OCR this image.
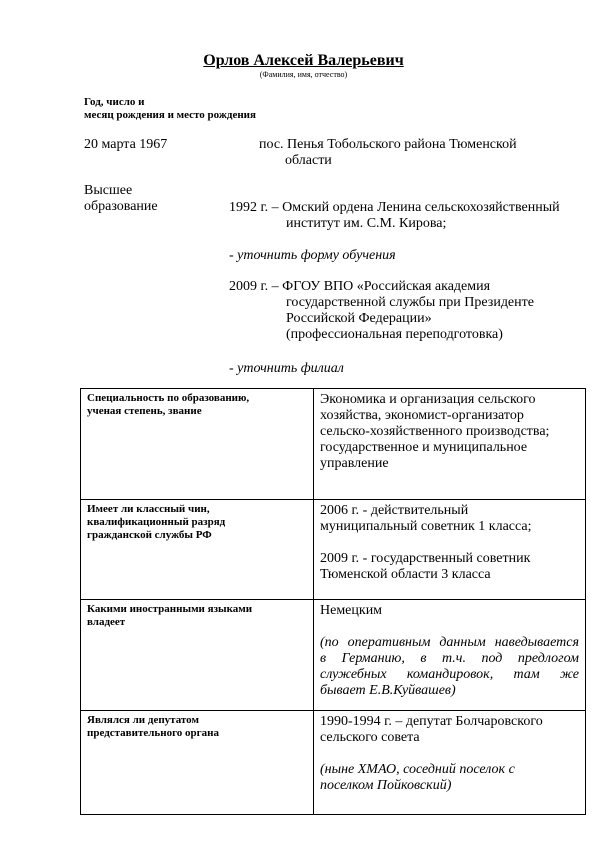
Орлов Алексей Валерьевич
(Фамилия, имя, отчество)
Год, число и
месяц рождения и место рождения
20 марта 1967	пос. Пенья Тобольского района Тюменской
области
Высшее
образование	1992 г. – Омский ордена Ленина сельскохозяйственный
институт им. С.М. Кирова;
- уточнить форму обучения
2009 г. – ФГОУ ВПО «Российская академия
государственной службы при Президенте
Российской Федерации»
(профессиональная переподготовка)
- уточнить филиал
Специальность по образованию,
ученая степень, звание	Экономика и организация сельского
хозяйства, экономист-организатор
сельско-хозяйственного производства;
государственное и муниципальное
управление

Имеет ли классный чин,
квалификационный разряд
гражданской службы РФ	2006 г. - действительный
муниципальный советник 1 класса;
2009 г. - государственный советник
Тюменской области 3 класса

Какими иностранными языками
владеет	Немецким
(по оперативным данным наведывается
в Германию, в т.ч. под предлогом
служебных командировок, там же
бывает Е.В.Куйвашев)

Являлся ли депутатом
представительного органа	1990-1994 г. – депутат Болчаровского
сельского совета
(ныне ХМАО, соседний поселок с
поселком Пойковский)
